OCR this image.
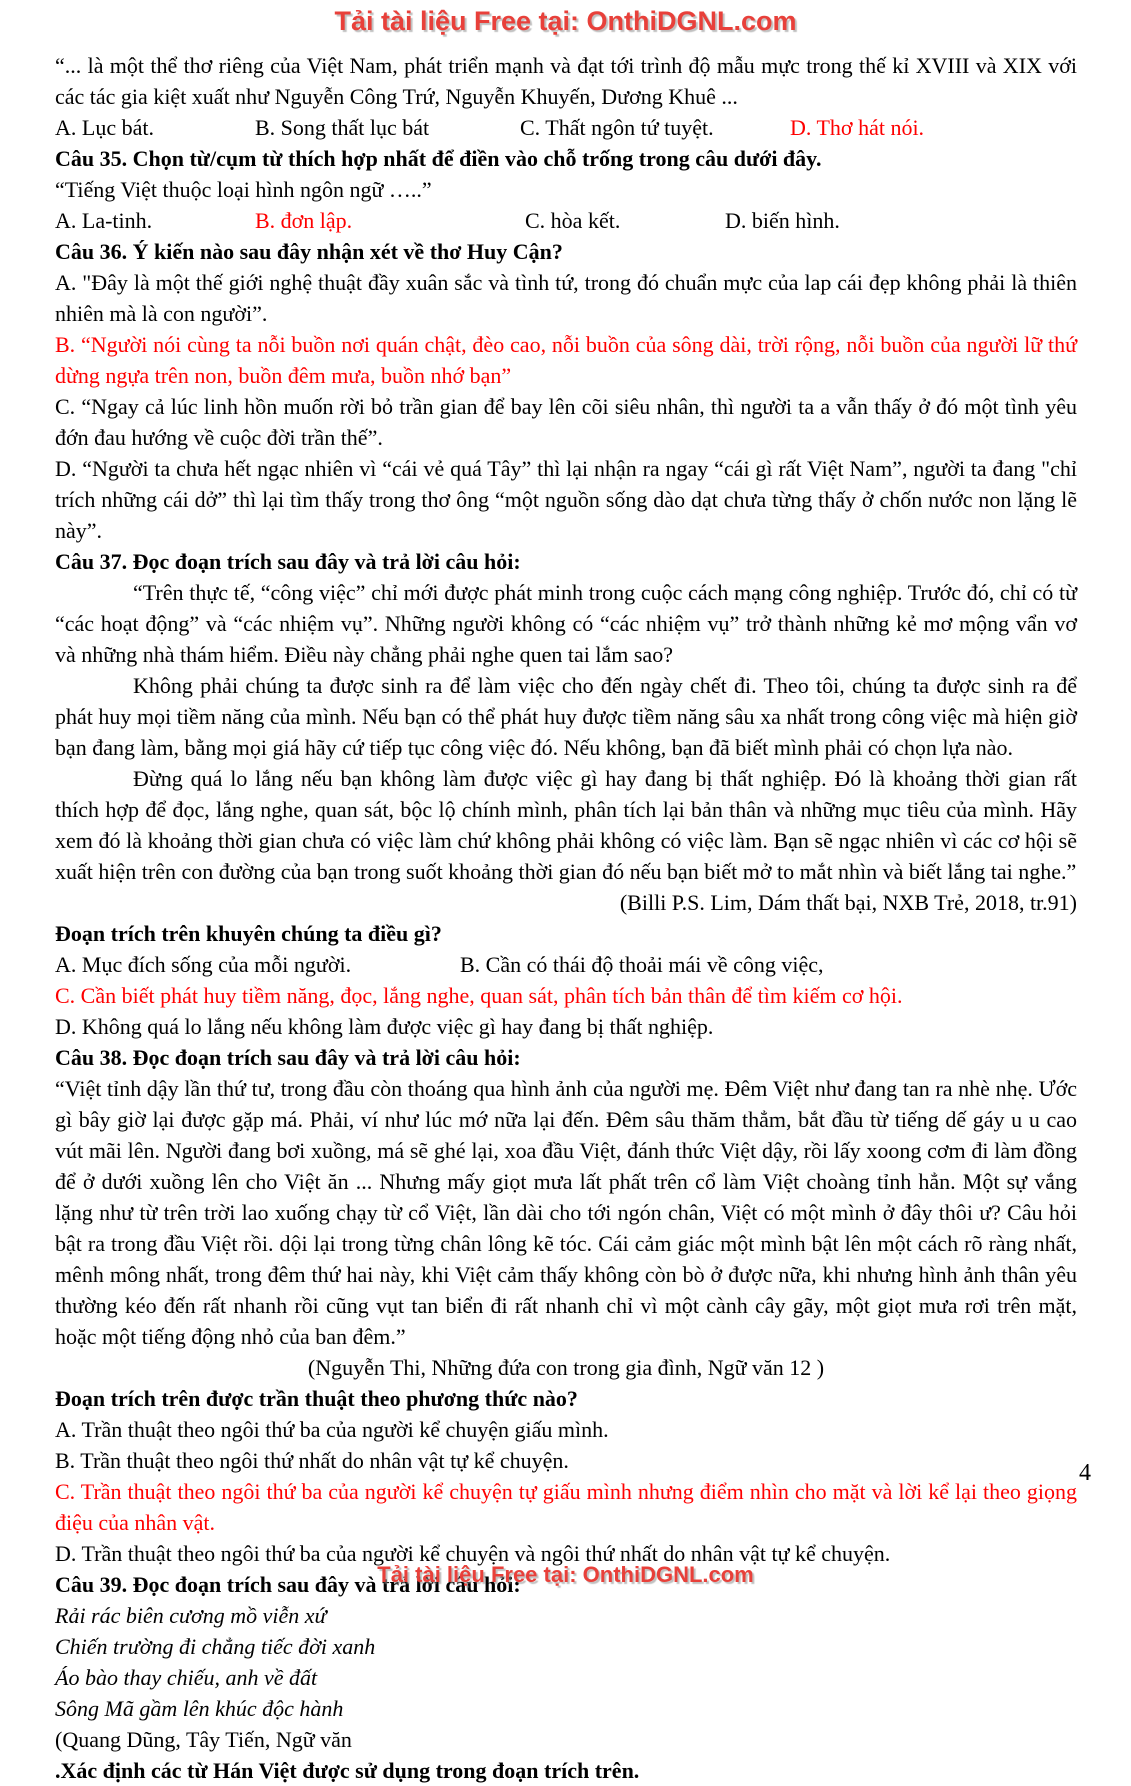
Tải tài liệu Free tại: OnthiDGNL.com

“... là một thể thơ riêng của Việt Nam, phát triển mạnh và đạt tới trình độ mẫu mực trong thế kỉ XVIII và XIX với các tác gia kiệt xuất như Nguyễn Công Trứ, Nguyễn Khuyến, Dương Khuê ...

A. Lục bát.	B. Song thất lục bát	C. Thất ngôn tứ tuyệt.	D. Thơ hát nói.

Câu 35. Chọn từ/cụm từ thích hợp nhất để điền vào chỗ trống trong câu dưới đây.

“Tiếng Việt thuộc loại hình ngôn ngữ …..”

A. La-tinh.	B. đơn lập.	C. hòa kết.	D. biến hình.

Câu 36. Ý kiến nào sau đây nhận xét về thơ Huy Cận?

A. "Đây là một thế giới nghệ thuật đầy xuân sắc và tình tứ, trong đó chuẩn mực của lap cái đẹp không phải là thiên nhiên mà là con người”.

B. “Người nói cùng ta nỗi buồn nơi quán chật, đèo cao, nỗi buồn của sông dài, trời rộng, nỗi buồn của người lữ thứ dừng ngựa trên non, buồn đêm mưa, buồn nhớ bạn”

C. “Ngay cả lúc linh hồn muốn rời bỏ trần gian để bay lên cõi siêu nhân, thì người ta a vẫn thấy ở đó một tình yêu đớn đau hướng về cuộc đời trần thế”.

D. “Người ta chưa hết ngạc nhiên vì “cái vẻ quá Tây” thì lại nhận ra ngay “cái gì rất Việt Nam”, người ta đang "chỉ trích những cái dở” thì lại tìm thấy trong thơ ông “một nguồn sống dào dạt chưa từng thấy ở chốn nước non lặng lẽ này”.

Câu 37. Đọc đoạn trích sau đây và trả lời câu hỏi:

“Trên thực tế, “công việc” chỉ mới được phát minh trong cuộc cách mạng công nghiệp. Trước đó, chỉ có từ “các hoạt động” và “các nhiệm vụ”. Những người không có “các nhiệm vụ” trở thành những kẻ mơ mộng vẩn vơ và những nhà thám hiểm. Điều này chẳng phải nghe quen tai lắm sao?

Không phải chúng ta được sinh ra để làm việc cho đến ngày chết đi. Theo tôi, chúng ta được sinh ra để phát huy mọi tiềm năng của mình. Nếu bạn có thể phát huy được tiềm năng sâu xa nhất trong công việc mà hiện giờ bạn đang làm, bằng mọi giá hãy cứ tiếp tục công việc đó. Nếu không, bạn đã biết mình phải có chọn lựa nào.

Đừng quá lo lắng nếu bạn không làm được việc gì hay đang bị thất nghiệp. Đó là khoảng thời gian rất thích hợp để đọc, lắng nghe, quan sát, bộc lộ chính mình, phân tích lại bản thân và những mục tiêu của mình. Hãy xem đó là khoảng thời gian chưa có việc làm chứ không phải không có việc làm. Bạn sẽ ngạc nhiên vì các cơ hội sẽ xuất hiện trên con đường của bạn trong suốt khoảng thời gian đó nếu bạn biết mở to mắt nhìn và biết lắng tai nghe.”

(Billi P.S. Lim, Dám thất bại, NXB Trẻ, 2018, tr.91)

Đoạn trích trên khuyên chúng ta điều gì?

A. Mục đích sống của mỗi người.	B. Cần có thái độ thoải mái về công việc,

C. Cần biết phát huy tiềm năng, đọc, lắng nghe, quan sát, phân tích bản thân để tìm kiếm cơ hội.

D. Không quá lo lắng nếu không làm được việc gì hay đang bị thất nghiệp.

Câu 38. Đọc đoạn trích sau đây và trả lời câu hỏi:

“Việt tỉnh dậy lần thứ tư, trong đầu còn thoáng qua hình ảnh của người mẹ. Đêm Việt như đang tan ra nhè nhẹ. Ước gì bây giờ lại được gặp má. Phải, ví như lúc mớ nữa lại đến. Đêm sâu thăm thẳm, bắt đầu từ tiếng dế gáy u u cao vút mãi lên. Người đang bơi xuồng, má sẽ ghé lại, xoa đầu Việt, đánh thức Việt dậy, rồi lấy xoong cơm đi làm đồng để ở dưới xuồng lên cho Việt ăn ... Nhưng mấy giọt mưa lất phất trên cổ làm Việt choàng tỉnh hẳn. Một sự vắng lặng như từ trên trời lao xuống chạy từ cổ Việt, lần dài cho tới ngón chân, Việt có một mình ở đây thôi ư? Câu hỏi bật ra trong đầu Việt rồi. dội lại trong từng chân lông kẽ tóc. Cái cảm giác một mình bật lên một cách rõ ràng nhất, mênh mông nhất, trong đêm thứ hai này, khi Việt cảm thấy không còn bò ở được nữa, khi nhưng hình ảnh thân yêu thường kéo đến rất nhanh rồi cũng vụt tan biển đi rất nhanh chỉ vì một cành cây gãy, một giọt mưa rơi trên mặt, hoặc một tiếng động nhỏ của ban đêm.”

(Nguyễn Thi, Những đứa con trong gia đình, Ngữ văn 12 )

Đoạn trích trên được trần thuật theo phương thức nào?

A. Trần thuật theo ngôi thứ ba của người kể chuyện giấu mình.

B. Trần thuật theo ngôi thứ nhất do nhân vật tự kể chuyện.

C. Trần thuật theo ngôi thứ ba của người kể chuyện tự giấu mình nhưng điểm nhìn cho mặt và lời kể lại theo giọng điệu của nhân vật.

D. Trần thuật theo ngôi thứ ba của người kể chuyện và ngôi thứ nhất do nhân vật tự kể chuyện.

Câu 39. Đọc đoạn trích sau đây và trả lời câu hỏi:

Rải rác biên cương mồ viễn xứ

Chiến trường đi chẳng tiếc đời xanh

Áo bào thay chiếu, anh về đất

Sông Mã gầm lên khúc độc hành

(Quang Dũng, Tây Tiến, Ngữ văn

.Xác định các từ Hán Việt được sử dụng trong đoạn trích trên.

4
Tải tài liệu Free tại: OnthiDGNL.com
